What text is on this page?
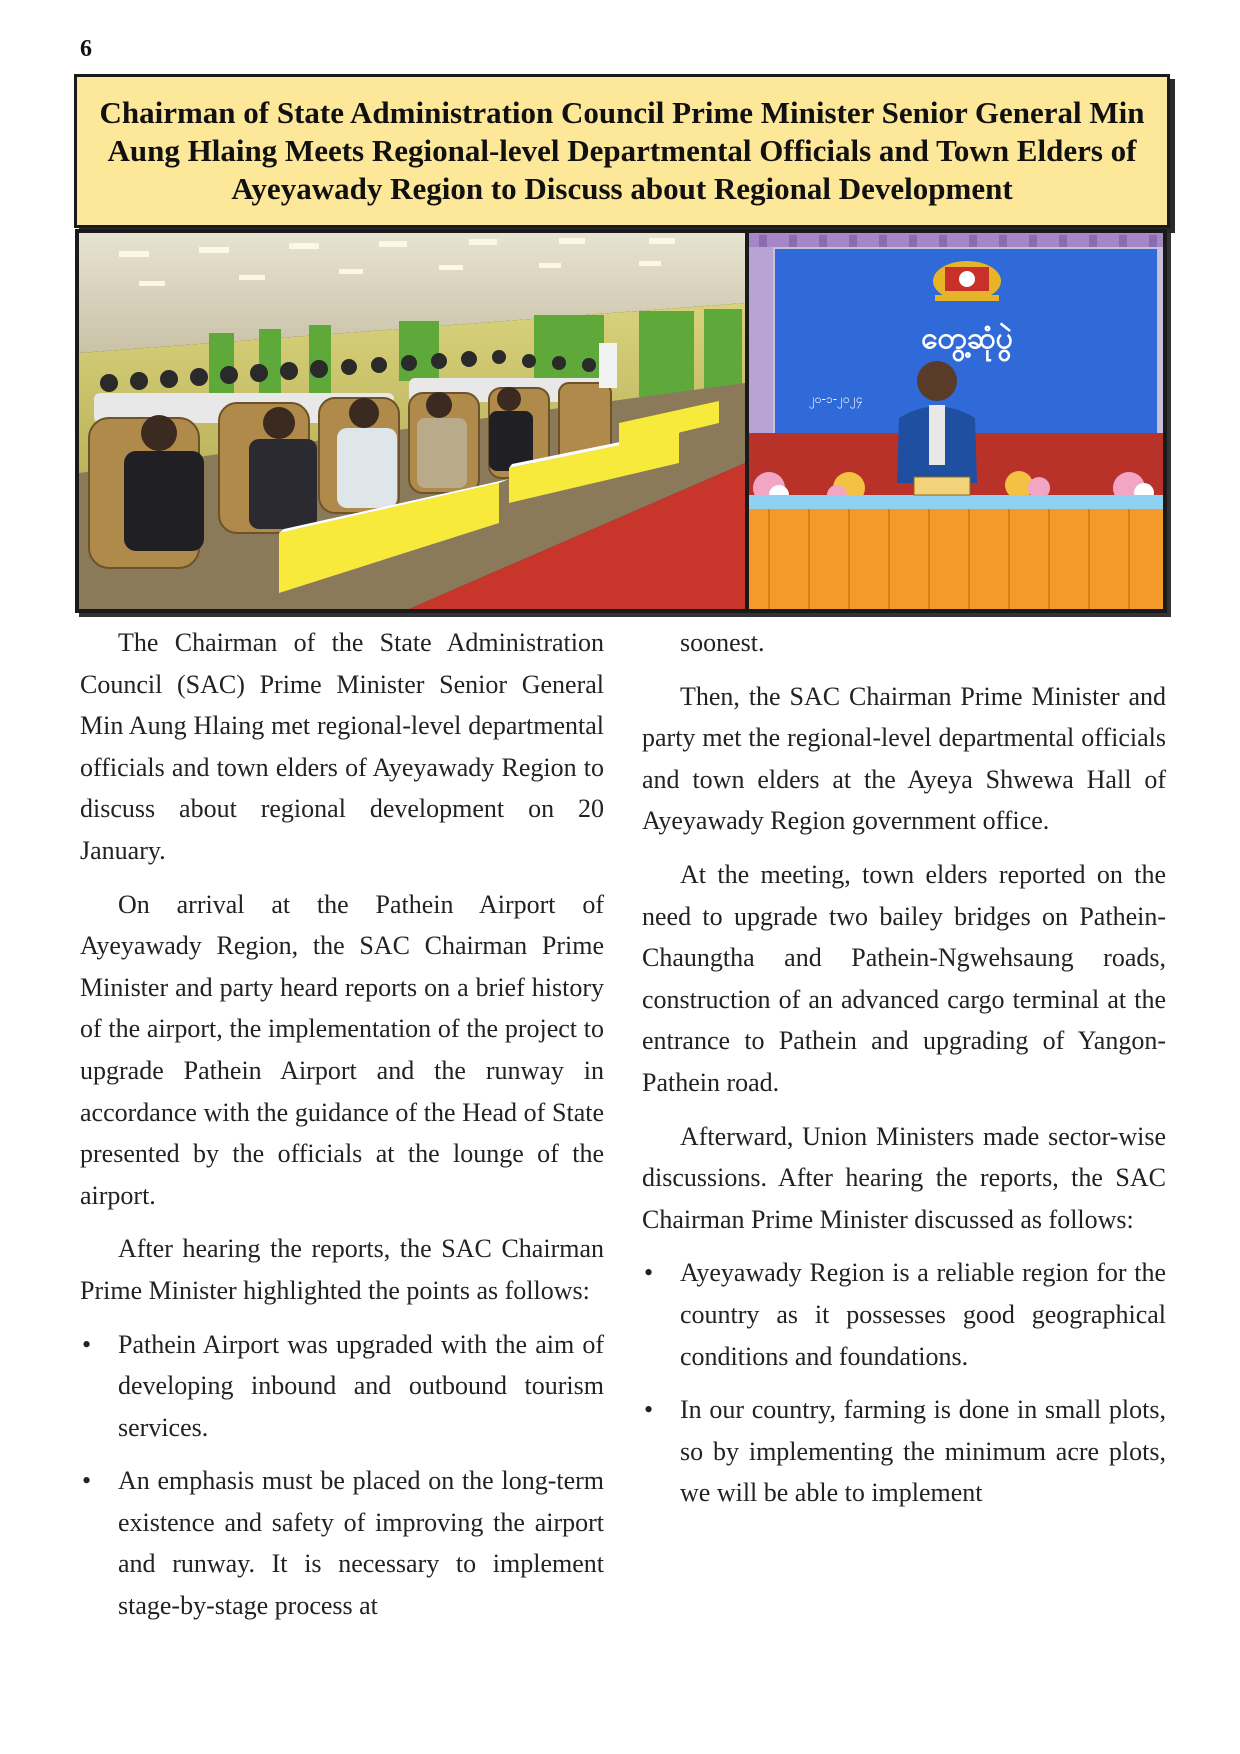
6
Chairman of State Administration Council Prime Minister Senior General Min Aung Hlaing Meets Regional-level Departmental Officials and Town Elders of Ayeyawady Region to Discuss about Regional Development
တွေ့ဆုံပွဲ
၂၀-၁-၂၀၂၄

The Chairman of the State Administration Council (SAC) Prime Minister Senior General Min Aung Hlaing met regional-level departmental officials and town elders of Ayeyawady Region to discuss about regional development on 20 January.

On arrival at the Pathein Airport of Ayeyawady Region, the SAC Chairman Prime Minister and party heard reports on a brief history of the airport, the implementation of the project to upgrade Pathein Airport and the runway in accordance with the guidance of the Head of State presented by the officials at the lounge of the airport.

After hearing the reports, the SAC Chairman Prime Minister highlighted the points as follows:

• Pathein Airport was upgraded with the aim of developing inbound and outbound tourism services.
• An emphasis must be placed on the long-term existence and safety of improving the airport and runway. It is necessary to implement stage-by-stage process at

soonest.

Then, the SAC Chairman Prime Minister and party met the regional-level departmental officials and town elders at the Ayeya Shwewa Hall of Ayeyawady Region government office.

At the meeting, town elders reported on the need to upgrade two bailey bridges on Pathein-Chaungtha and Pathein-Ngwehsaung roads, construction of an advanced cargo terminal at the entrance to Pathein and upgrading of Yangon-Pathein road.

Afterward, Union Ministers made sector-wise discussions. After hearing the reports, the SAC Chairman Prime Minister discussed as follows:

• Ayeyawady Region is a reliable region for the country as it possesses good geographical conditions and foundations.
• In our country, farming is done in small plots, so by implementing the minimum acre plots, we will be able to implement
